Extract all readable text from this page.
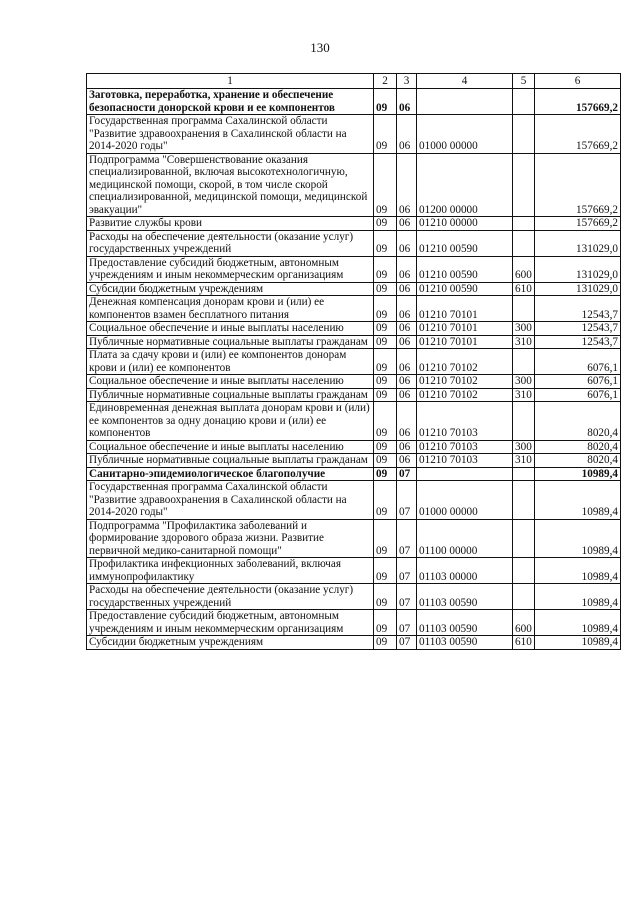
130
1	2	3	4	5	6
Заготовка, переработка, хранение и обеспечение безопасности донорской крови и ее компонентов	09	06			157669,2
Государственная программа Сахалинской области "Развитие здравоохранения в Сахалинской области на 2014-2020 годы"	09	06	01000 00000		157669,2
Подпрограмма "Совершенствование оказания специализированной, включая высокотехнологичную, медицинской помощи, скорой, в том числе скорой специализированной, медицинской помощи, медицинской эвакуации"	09	06	01200 00000		157669,2
Развитие службы крови	09	06	01210 00000		157669,2
Расходы на обеспечение деятельности (оказание услуг) государственных учреждений	09	06	01210 00590		131029,0
Предоставление субсидий бюджетным, автономным учреждениям и иным некоммерческим организациям	09	06	01210 00590	600	131029,0
Субсидии бюджетным учреждениям	09	06	01210 00590	610	131029,0
Денежная компенсация донорам крови и (или) ее компонентов взамен бесплатного питания	09	06	01210 70101		12543,7
Социальное обеспечение и иные выплаты населению	09	06	01210 70101	300	12543,7
Публичные нормативные социальные выплаты гражданам	09	06	01210 70101	310	12543,7
Плата за сдачу крови и (или) ее компонентов донорам крови и (или) ее компонентов	09	06	01210 70102		6076,1
Социальное обеспечение и иные выплаты населению	09	06	01210 70102	300	6076,1
Публичные нормативные социальные выплаты гражданам	09	06	01210 70102	310	6076,1
Единовременная денежная выплата донорам крови и (или) ее компонентов за одну донацию крови и (или) ее компонентов	09	06	01210 70103		8020,4
Социальное обеспечение и иные выплаты населению	09	06	01210 70103	300	8020,4
Публичные нормативные социальные выплаты гражданам	09	06	01210 70103	310	8020,4
Санитарно-эпидемиологическое благополучие	09	07			10989,4
Государственная программа Сахалинской области "Развитие здравоохранения в Сахалинской области на 2014-2020 годы"	09	07	01000 00000		10989,4
Подпрограмма "Профилактика заболеваний и формирование здорового образа жизни. Развитие первичной медико-санитарной помощи"	09	07	01100 00000		10989,4
Профилактика инфекционных заболеваний, включая иммунопрофилактику	09	07	01103 00000		10989,4
Расходы на обеспечение деятельности (оказание услуг) государственных учреждений	09	07	01103 00590		10989,4
Предоставление субсидий бюджетным, автономным учреждениям и иным некоммерческим организациям	09	07	01103 00590	600	10989,4
Субсидии бюджетным учреждениям	09	07	01103 00590	610	10989,4
